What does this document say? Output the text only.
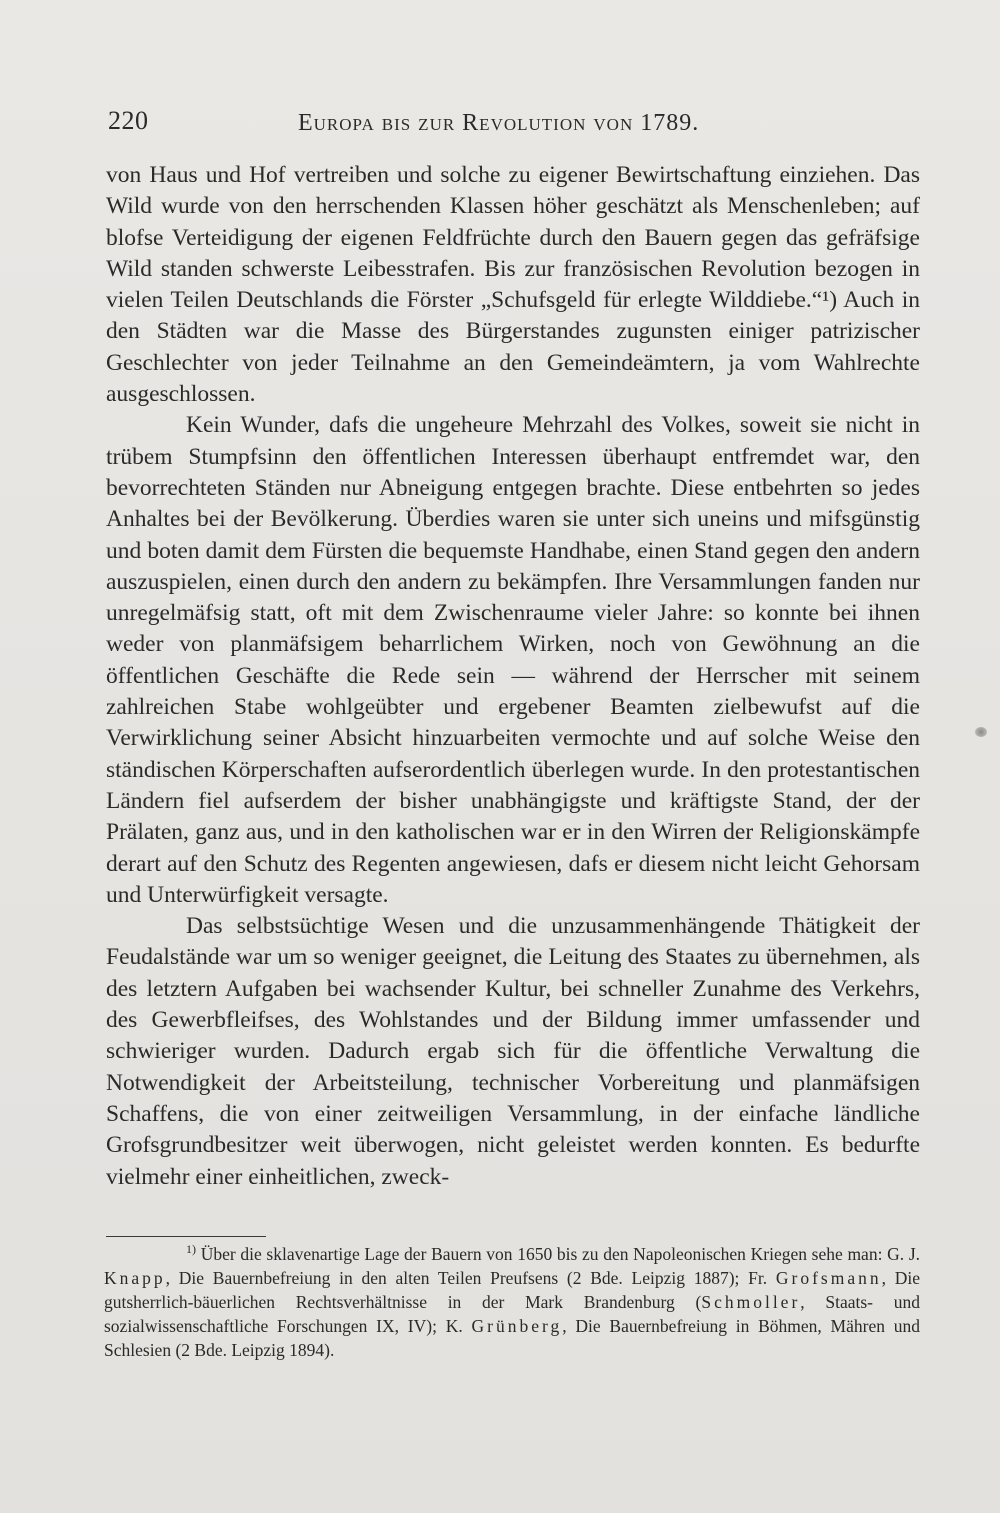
220	Europa bis zur Revolution von 1789.

von Haus und Hof vertreiben und solche zu eigener Bewirtschaftung einziehen. Das Wild wurde von den herrschenden Klassen höher geschätzt als Menschenleben; auf blofse Verteidigung der eigenen Feldfrüchte durch den Bauern gegen das gefräfsige Wild standen schwerste Leibesstrafen. Bis zur französischen Revolution bezogen in vielen Teilen Deutschlands die Förster „Schufsgeld für erlegte Wilddiebe.“¹) Auch in den Städten war die Masse des Bürgerstandes zugunsten einiger patrizischer Geschlechter von jeder Teilnahme an den Gemeindeämtern, ja vom Wahlrechte ausgeschlossen.

Kein Wunder, dafs die ungeheure Mehrzahl des Volkes, soweit sie nicht in trübem Stumpfsinn den öffentlichen Interessen überhaupt entfremdet war, den bevorrechteten Ständen nur Abneigung entgegen brachte. Diese entbehrten so jedes Anhaltes bei der Bevölkerung. Überdies waren sie unter sich uneins und mifsgünstig und boten damit dem Fürsten die bequemste Handhabe, einen Stand gegen den andern auszuspielen, einen durch den andern zu bekämpfen. Ihre Versammlungen fanden nur unregelmäfsig statt, oft mit dem Zwischenraume vieler Jahre: so konnte bei ihnen weder von planmäfsigem beharrlichem Wirken, noch von Gewöhnung an die öffentlichen Geschäfte die Rede sein — während der Herrscher mit seinem zahlreichen Stabe wohlgeübter und ergebener Beamten zielbewufst auf die Verwirklichung seiner Absicht hinzuarbeiten vermochte und auf solche Weise den ständischen Körperschaften aufserordentlich überlegen wurde. In den protestantischen Ländern fiel aufserdem der bisher unabhängigste und kräftigste Stand, der der Prälaten, ganz aus, und in den katholischen war er in den Wirren der Religionskämpfe derart auf den Schutz des Regenten angewiesen, dafs er diesem nicht leicht Gehorsam und Unterwürfigkeit versagte.

Das selbstsüchtige Wesen und die unzusammenhängende Thätigkeit der Feudalstände war um so weniger geeignet, die Leitung des Staates zu übernehmen, als des letztern Aufgaben bei wachsender Kultur, bei schneller Zunahme des Verkehrs, des Gewerbfleifses, des Wohlstandes und der Bildung immer umfassender und schwieriger wurden. Dadurch ergab sich für die öffentliche Verwaltung die Notwendigkeit der Arbeitsteilung, technischer Vorbereitung und planmäfsigen Schaffens, die von einer zeitweiligen Versammlung, in der einfache ländliche Grofsgrundbesitzer weit überwogen, nicht geleistet werden konnten. Es bedurfte vielmehr einer einheitlichen, zweck-

$^{1)}$ Über die sklavenartige Lage der Bauern von 1650 bis zu den Napoleonischen Kriegen sehe man: G. J. Knapp, Die Bauernbefreiung in den alten Teilen Preufsens (2 Bde. Leipzig 1887); Fr. Grofsmann, Die gutsherrlich-bäuerlichen Rechtsverhältnisse in der Mark Brandenburg (Schmoller, Staats- und sozialwissenschaftliche Forschungen IX, IV); K. Grünberg, Die Bauernbefreiung in Böhmen, Mähren und Schlesien (2 Bde. Leipzig 1894).
